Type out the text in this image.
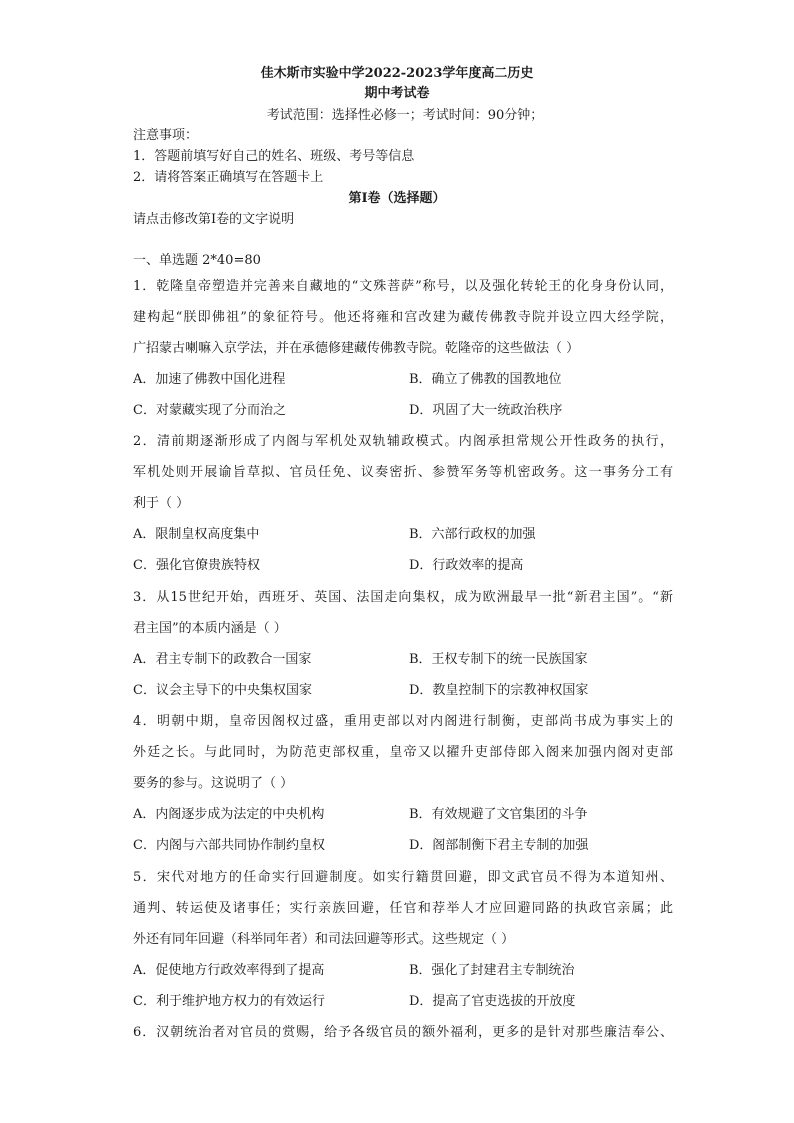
佳木斯市实验中学2022-2023学年度高二历史
期中考试卷
考试范围：选择性必修一；考试时间：90分钟；
注意事项：
1．答题前填写好自己的姓名、班级、考号等信息
2．请将答案正确填写在答题卡上
第I卷（选择题）
请点击修改第I卷的文字说明
一、单选题 2*40=80
1．乾隆皇帝塑造并完善来自藏地的“文殊菩萨”称号，以及强化转轮王的化身身份认同，
建构起“朕即佛祖”的象征符号。他还将雍和宫改建为藏传佛教寺院并设立四大经学院，
广招蒙古喇嘛入京学法，并在承德修建藏传佛教寺院。乾隆帝的这些做法（ ）
A．加速了佛教中国化进程	B．确立了佛教的国教地位
C．对蒙藏实现了分而治之	D．巩固了大一统政治秩序
2．清前期逐渐形成了内阁与军机处双轨辅政模式。内阁承担常规公开性政务的执行，
军机处则开展谕旨草拟、官员任免、议奏密折、参赞军务等机密政务。这一事务分工有
利于（ ）
A．限制皇权高度集中	B．六部行政权的加强
C．强化官僚贵族特权	D．行政效率的提高
3．从15世纪开始，西班牙、英国、法国走向集权，成为欧洲最早一批“新君主国”。“新
君主国”的本质内涵是（ ）
A．君主专制下的政教合一国家	B．王权专制下的统一民族国家
C．议会主导下的中央集权国家	D．教皇控制下的宗教神权国家
4．明朝中期，皇帝因阁权过盛，重用吏部以对内阁进行制衡，吏部尚书成为事实上的
外廷之长。与此同时，为防范吏部权重，皇帝又以擢升吏部侍郎入阁来加强内阁对吏部
要务的参与。这说明了（ ）
A．内阁逐步成为法定的中央机构	B．有效规避了文官集团的斗争
C．内阁与六部共同协作制约皇权	D．阁部制衡下君主专制的加强
5．宋代对地方的任命实行回避制度。如实行籍贯回避，即文武官员不得为本道知州、
通判、转运使及诸事任；实行亲族回避，任官和荐举人才应回避同路的执政官亲属；此
外还有同年回避（科举同年者）和司法回避等形式。这些规定（ ）
A．促使地方行政效率得到了提高	B．强化了封建君主专制统治
C．利于维护地方权力的有效运行	D．提高了官吏选拔的开放度
6．汉朝统治者对官员的赏赐，给予各级官员的额外福利，更多的是针对那些廉洁奉公、
